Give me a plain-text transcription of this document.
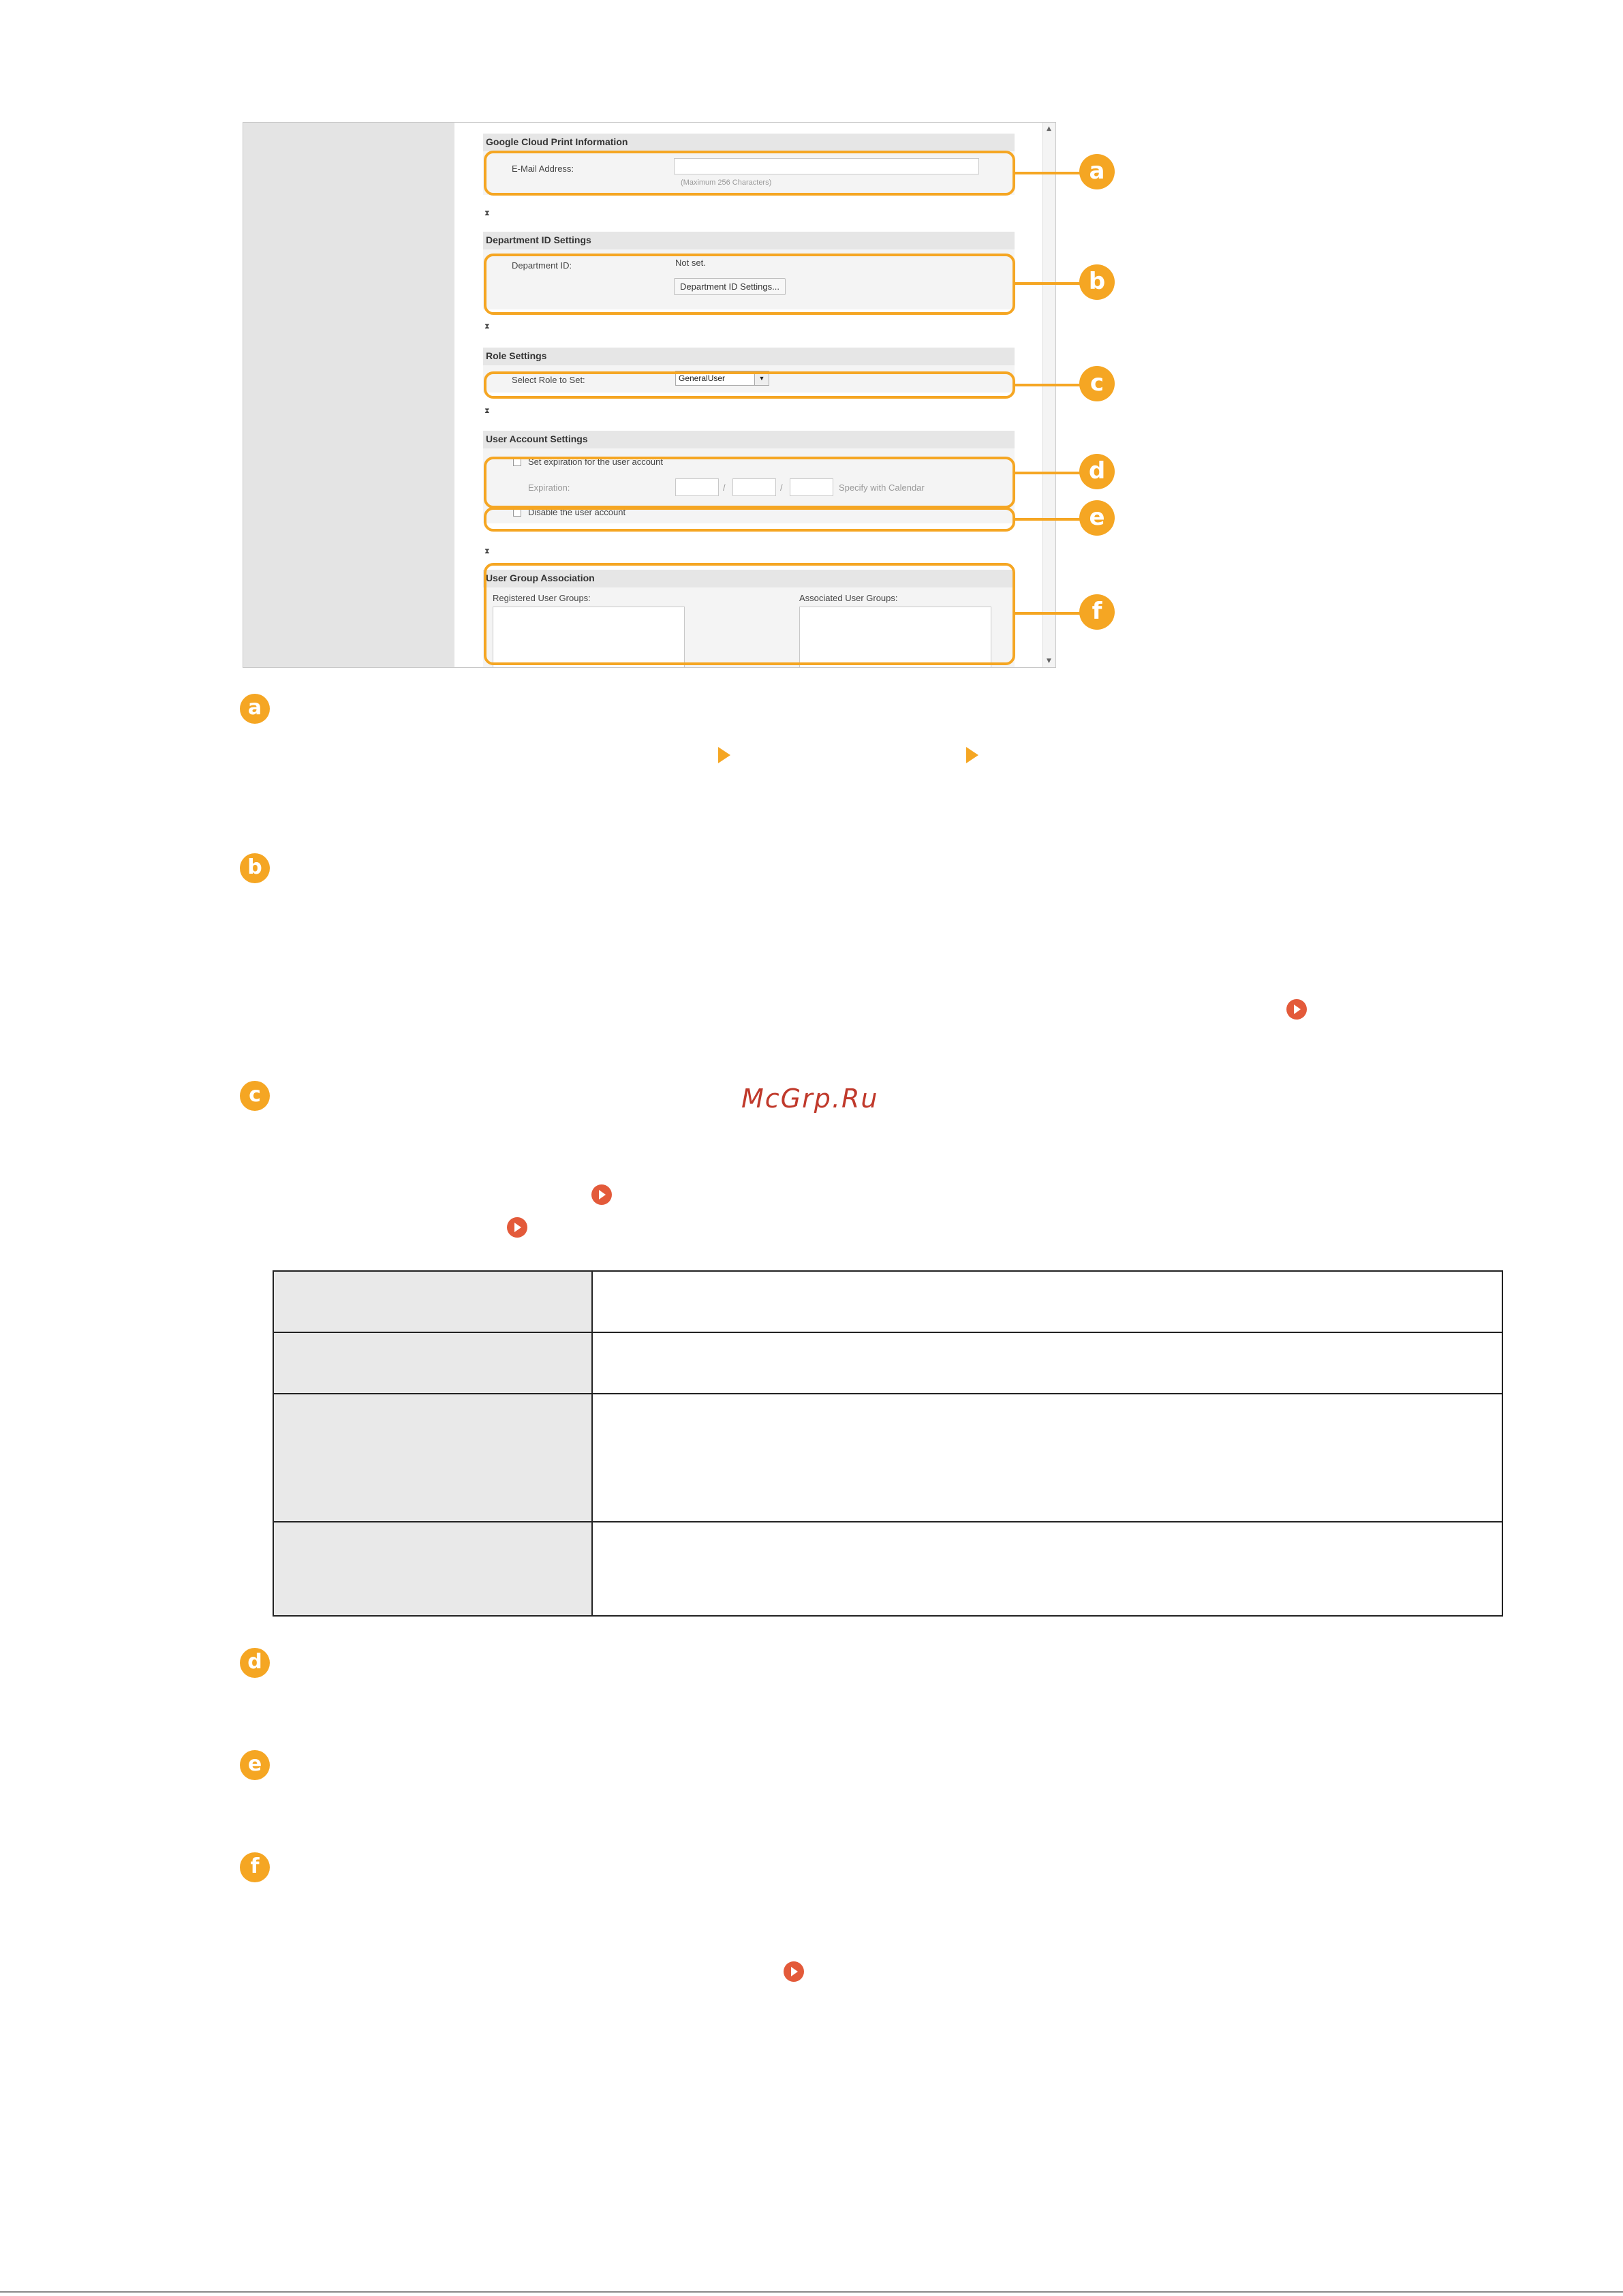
▲
▼
Google Cloud Print Information
E-Mail Address:
(Maximum 256 Characters)
⧗
Department ID Settings
Department ID:	Not set.
Department ID Settings...
⧗
Role Settings
Select Role to Set:	GeneralUser	▼
⧗
User Account Settings
Set expiration for the user account
Expiration:	/	/	Specify with Calendar
Disable the user account
⧗
User Group Association
Registered User Groups:	Associated User Groups:
a
b
c
d
e
f
a
b
c	McGrp.Ru

d
e
f
